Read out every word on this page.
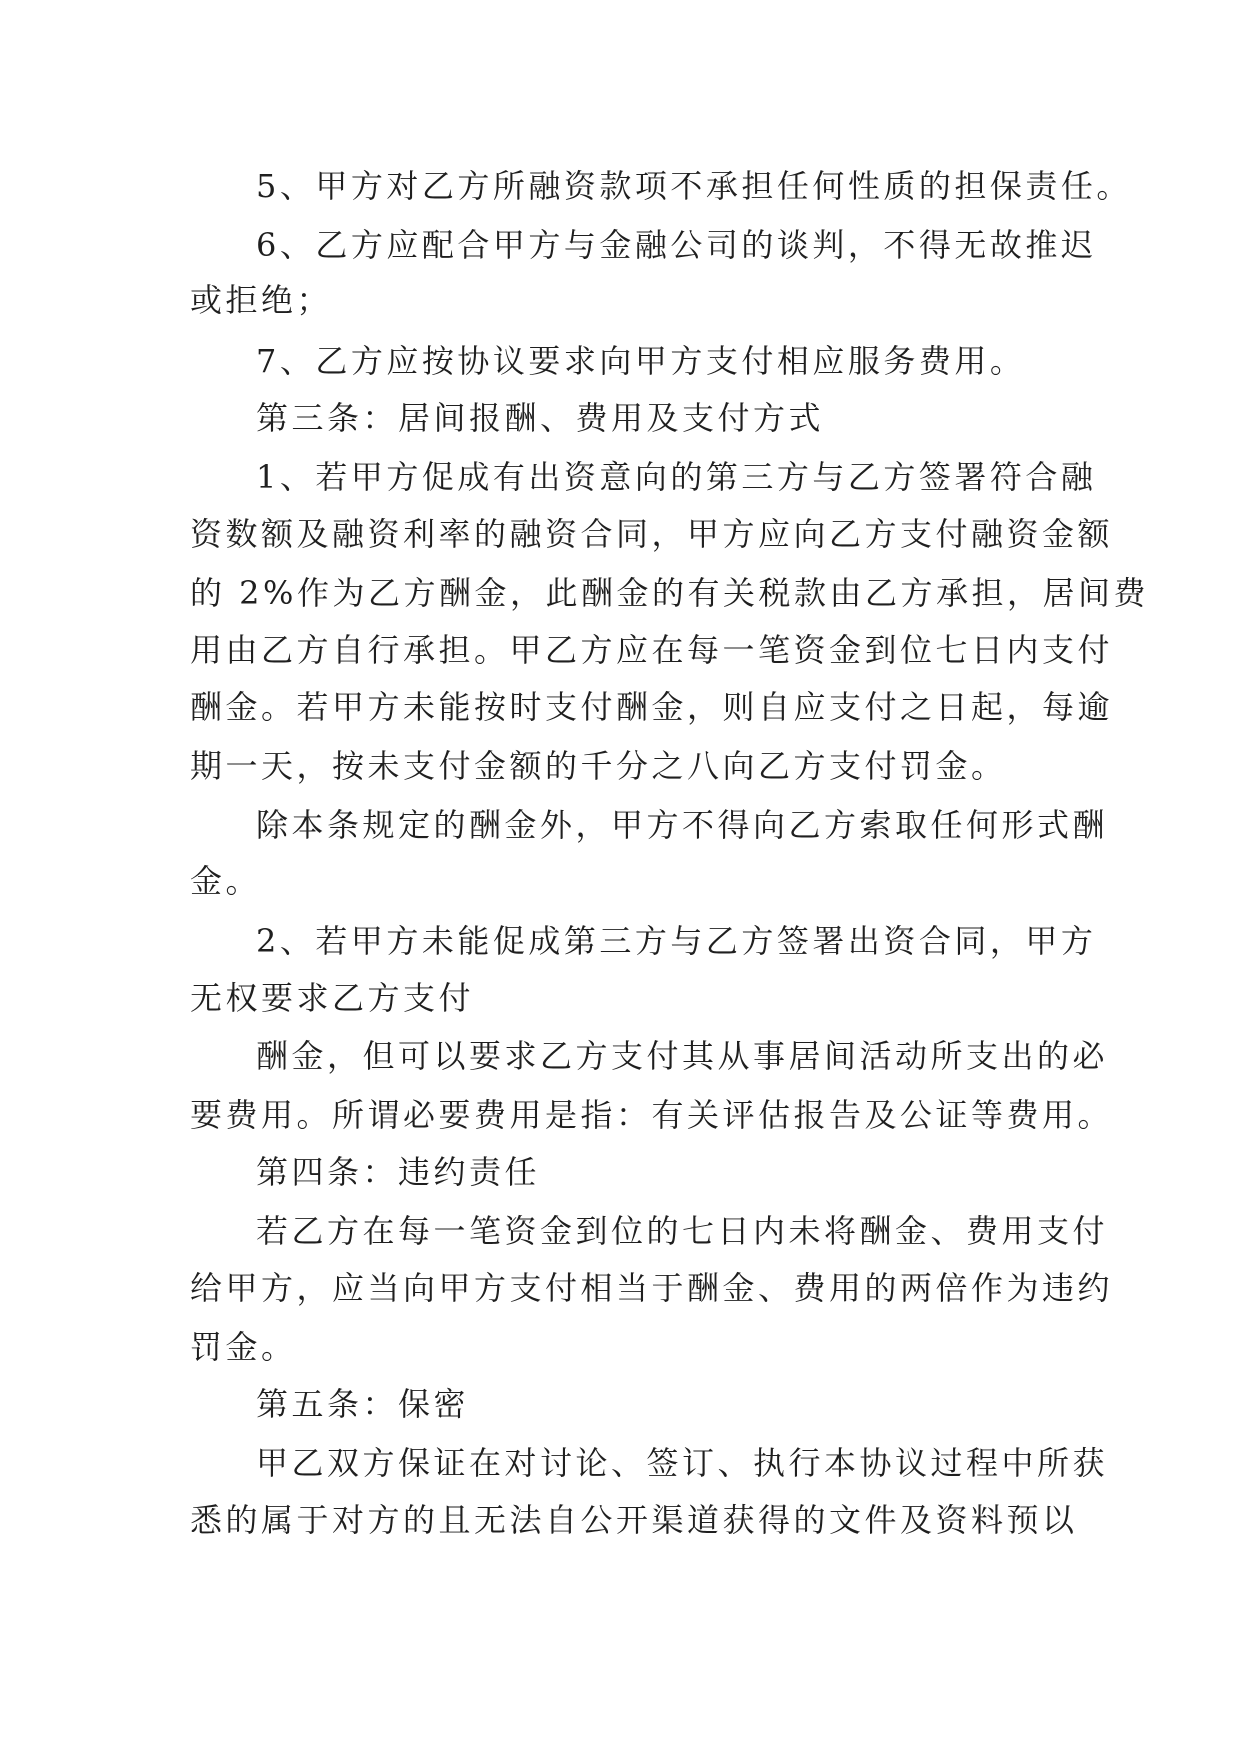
5、甲方对乙方所融资款项不承担任何性质的担保责任。
6、乙方应配合甲方与金融公司的谈判，不得无故推迟
或拒绝；
7、乙方应按协议要求向甲方支付相应服务费用。
第三条：居间报酬、费用及支付方式
1、若甲方促成有出资意向的第三方与乙方签署符合融
资数额及融资利率的融资合同，甲方应向乙方支付融资金额
的 2%作为乙方酬金，此酬金的有关税款由乙方承担，居间费
用由乙方自行承担。甲乙方应在每一笔资金到位七日内支付
酬金。若甲方未能按时支付酬金，则自应支付之日起，每逾
期一天，按未支付金额的千分之八向乙方支付罚金。
除本条规定的酬金外，甲方不得向乙方索取任何形式酬
金。
2、若甲方未能促成第三方与乙方签署出资合同，甲方
无权要求乙方支付
酬金，但可以要求乙方支付其从事居间活动所支出的必
要费用。所谓必要费用是指：有关评估报告及公证等费用。
第四条：违约责任
若乙方在每一笔资金到位的七日内未将酬金、费用支付
给甲方，应当向甲方支付相当于酬金、费用的两倍作为违约
罚金。
第五条：保密
甲乙双方保证在对讨论、签订、执行本协议过程中所获
悉的属于对方的且无法自公开渠道获得的文件及资料预以
